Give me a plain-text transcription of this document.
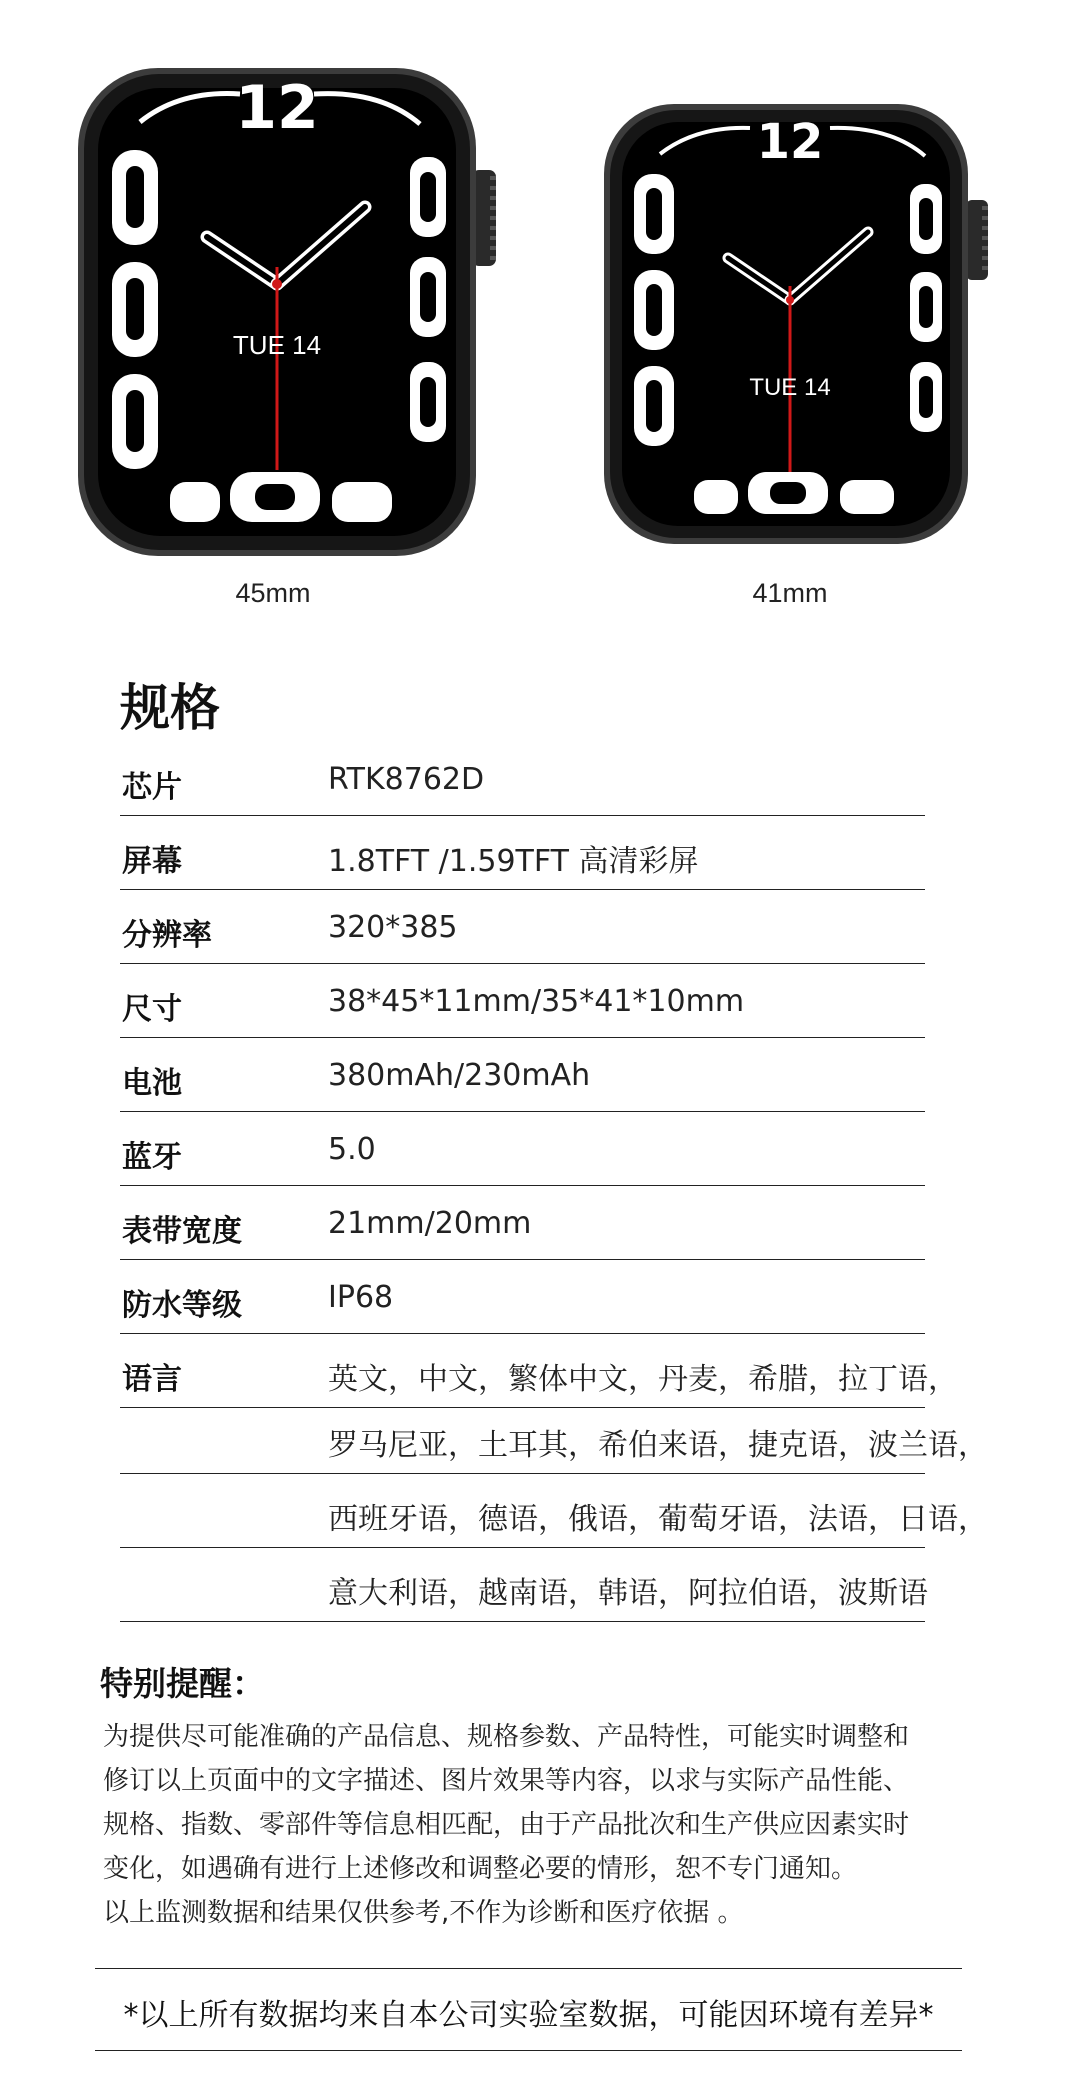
12
TUE 14
45mm
12
TUE 14
41mm
规格
芯片	RTK8762D
屏幕	1.8TFT /1.59TFT 高清彩屏
分辨率	320*385
尺寸	38*45*11mm/35*41*10mm
电池	380mAh/230mAh
蓝牙	5.0
表带宽度	21mm/20mm
防水等级	IP68
语言	英文，中文，繁体中文，丹麦，希腊，拉丁语，
罗马尼亚，土耳其，希伯来语，捷克语，波兰语，
西班牙语，德语，俄语，葡萄牙语，法语，日语，
意大利语，越南语，韩语，阿拉伯语，波斯语
特别提醒：
为提供尽可能准确的产品信息、规格参数、产品特性，可能实时调整和
修订以上页面中的文字描述、图片效果等内容，以求与实际产品性能、
规格、指数、零部件等信息相匹配，由于产品批次和生产供应因素实时
变化，如遇确有进行上述修改和调整必要的情形，恕不专门通知。
以上监测数据和结果仅供参考,不作为诊断和医疗依据 。
*以上所有数据均来自本公司实验室数据，可能因环境有差异*
